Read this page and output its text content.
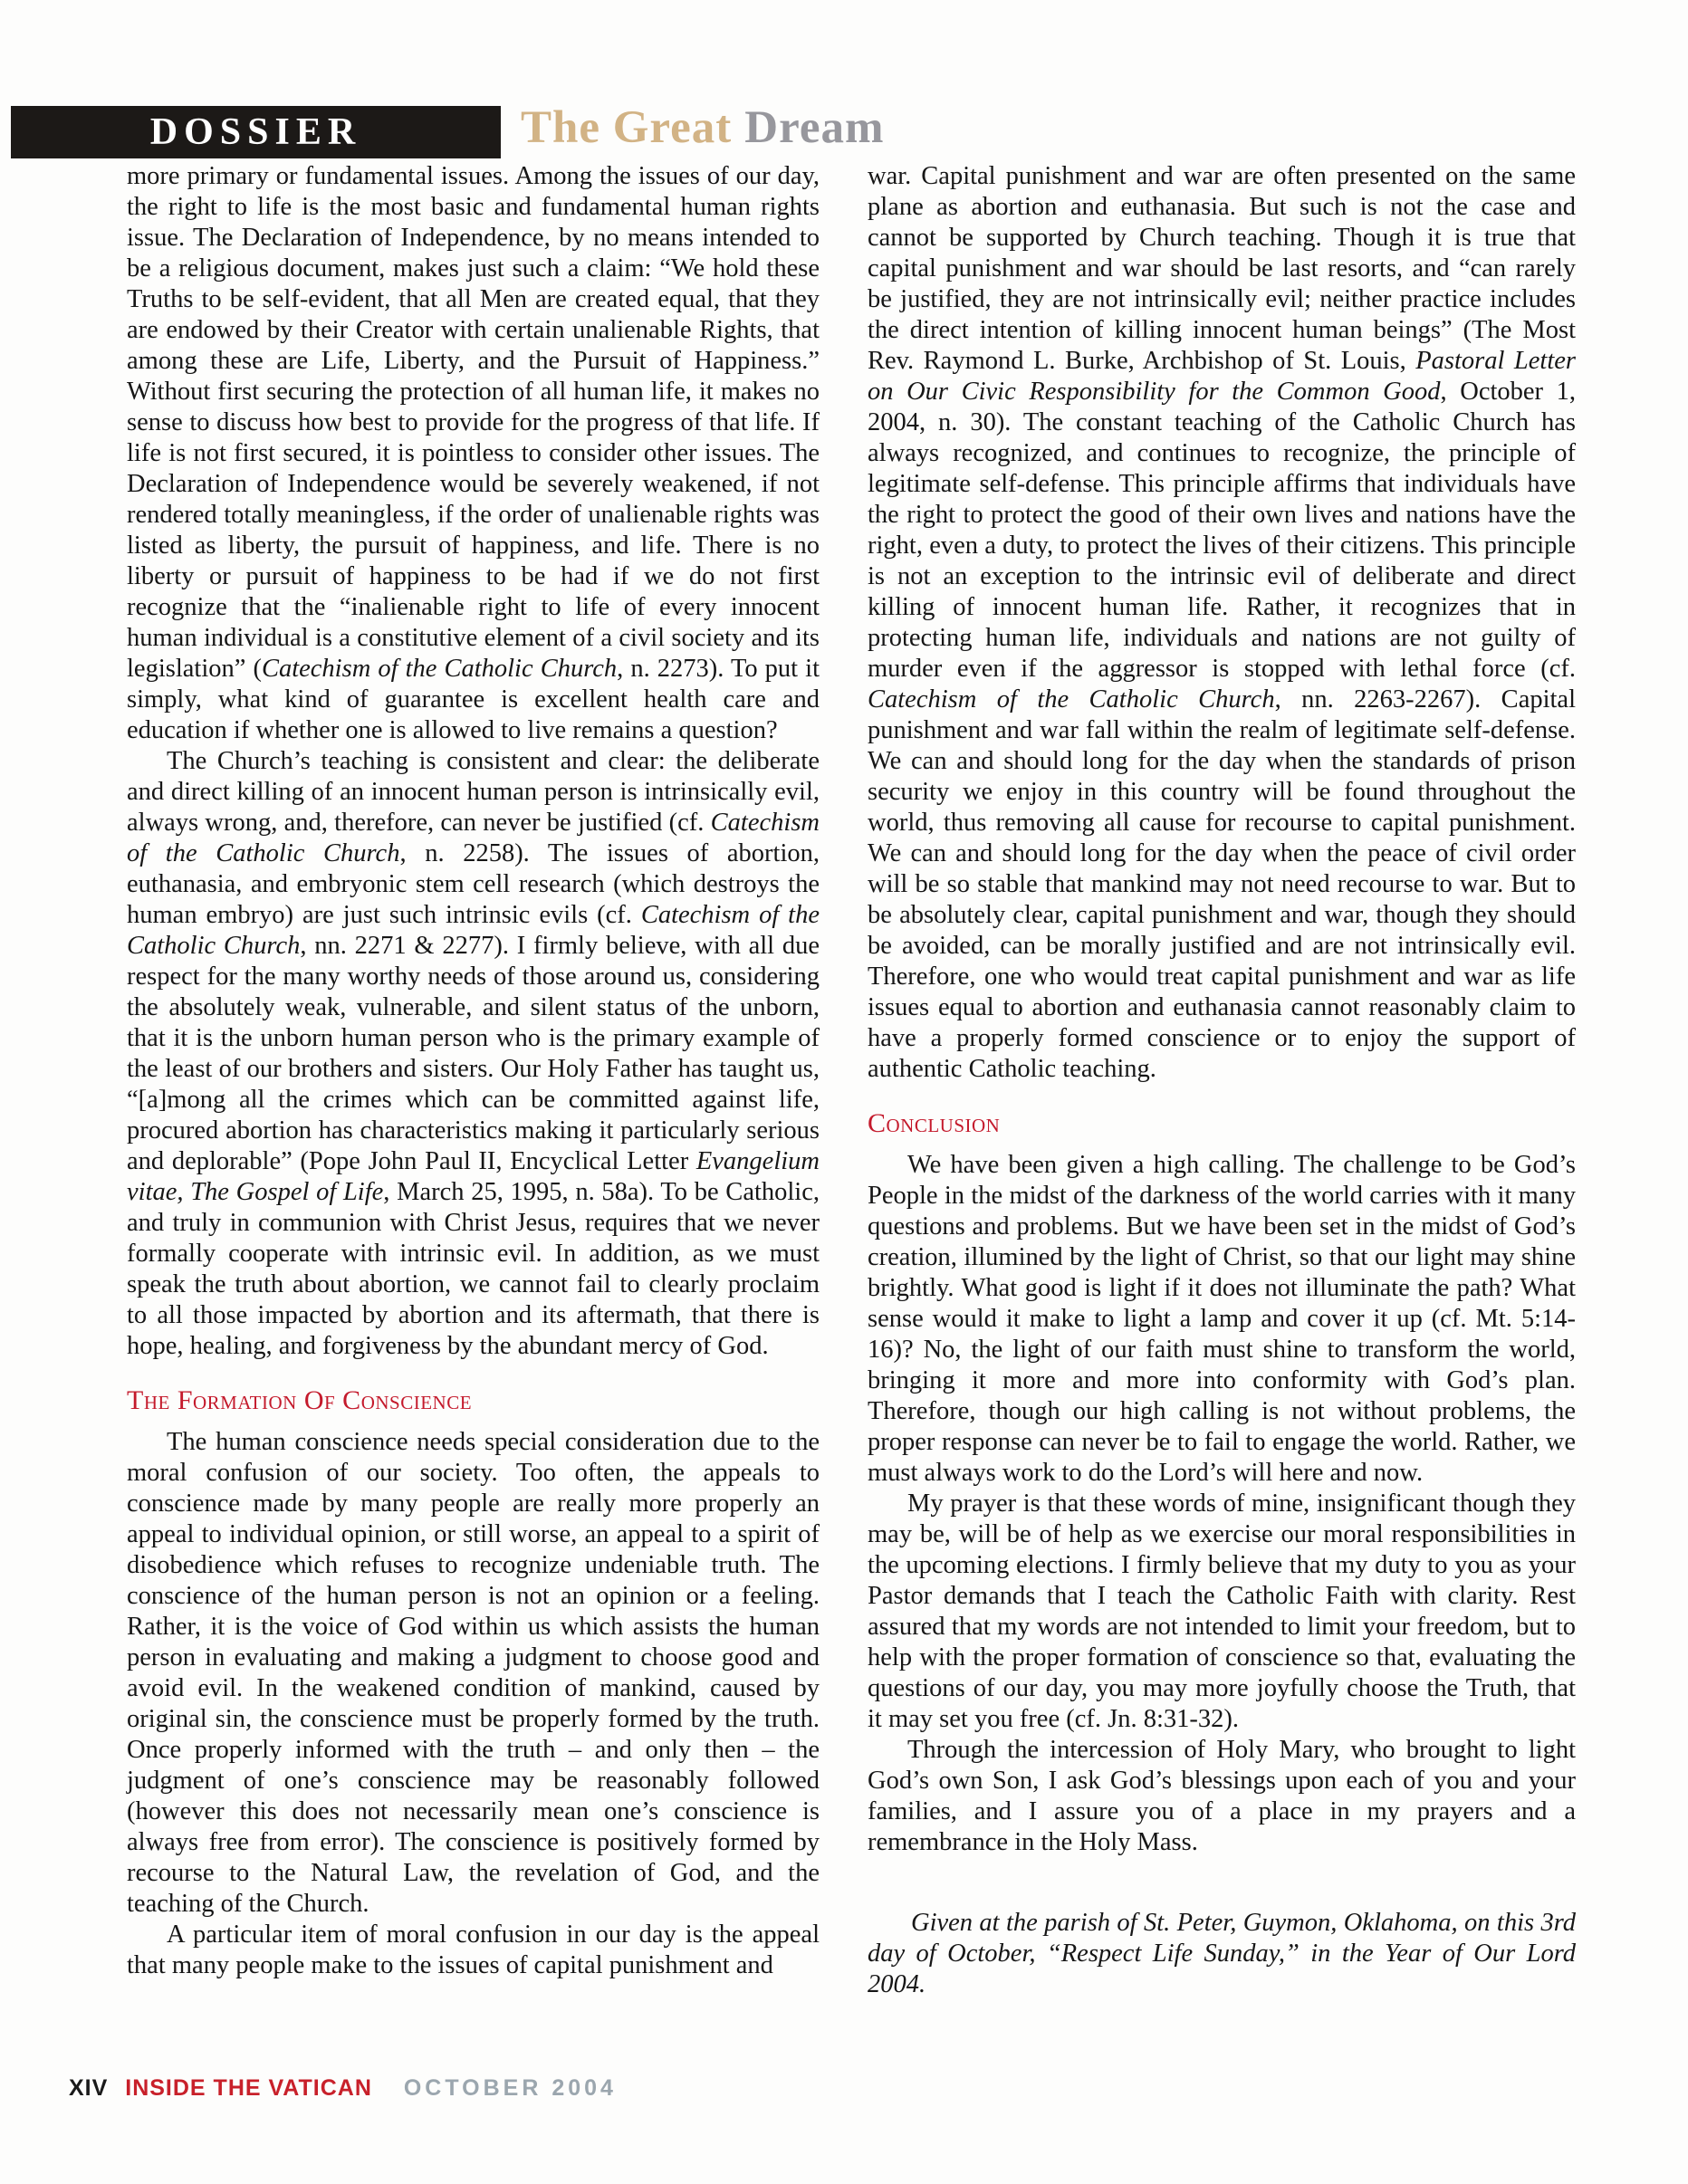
DOSSIER	The Great Dream

more primary or fundamental issues. Among the issues of our day, the right to life is the most basic and fundamental human rights issue. The Declaration of Independence, by no means intended to be a religious document, makes just such a claim: “We hold these Truths to be self-evident, that all Men are created equal, that they are endowed by their Creator with certain unalienable Rights, that among these are Life, Liberty, and the Pursuit of Happiness.” Without first securing the protection of all human life, it makes no sense to discuss how best to provide for the progress of that life. If life is not first secured, it is pointless to consider other issues. The Declaration of Independence would be severely weakened, if not rendered totally meaningless, if the order of unalienable rights was listed as liberty, the pursuit of happiness, and life. There is no liberty or pursuit of happiness to be had if we do not first recognize that the “inalienable right to life of every innocent human individual is a constitutive element of a civil society and its legislation” (Catechism of the Catholic Church, n. 2273). To put it simply, what kind of guarantee is excellent health care and education if whether one is allowed to live remains a question?

The Church’s teaching is consistent and clear: the deliberate and direct killing of an innocent human person is intrinsically evil, always wrong, and, therefore, can never be justified (cf. Catechism of the Catholic Church, n. 2258). The issues of abortion, euthanasia, and embryonic stem cell research (which destroys the human embryo) are just such intrinsic evils (cf. Catechism of the Catholic Church, nn. 2271 & 2277). I firmly believe, with all due respect for the many worthy needs of those around us, considering the absolutely weak, vulnerable, and silent status of the unborn, that it is the unborn human person who is the primary example of the least of our brothers and sisters. Our Holy Father has taught us, “[a]mong all the crimes which can be committed against life, procured abortion has characteristics making it particularly serious and deplorable” (Pope John Paul II, Encyclical Letter Evangelium vitae, The Gospel of Life, March 25, 1995, n. 58a). To be Catholic, and truly in communion with Christ Jesus, requires that we never formally cooperate with intrinsic evil. In addition, as we must speak the truth about abortion, we cannot fail to clearly proclaim to all those impacted by abortion and its aftermath, that there is hope, healing, and forgiveness by the abundant mercy of God.

The Formation Of Conscience

The human conscience needs special consideration due to the moral confusion of our society. Too often, the appeals to conscience made by many people are really more properly an appeal to individual opinion, or still worse, an appeal to a spirit of disobedience which refuses to recognize undeniable truth. The conscience of the human person is not an opinion or a feeling. Rather, it is the voice of God within us which assists the human person in evaluating and making a judgment to choose good and avoid evil. In the weakened condition of mankind, caused by original sin, the conscience must be properly formed by the truth. Once properly informed with the truth – and only then – the judgment of one’s conscience may be reasonably followed (however this does not necessarily mean one’s conscience is always free from error). The conscience is positively formed by recourse to the Natural Law, the revelation of God, and the teaching of the Church.

A particular item of moral confusion in our day is the appeal that many people make to the issues of capital punishment and

war. Capital punishment and war are often presented on the same plane as abortion and euthanasia. But such is not the case and cannot be supported by Church teaching. Though it is true that capital punishment and war should be last resorts, and “can rarely be justified, they are not intrinsically evil; neither practice includes the direct intention of killing innocent human beings” (The Most Rev. Raymond L. Burke, Archbishop of St. Louis, Pastoral Letter on Our Civic Responsibility for the Common Good, October 1, 2004, n. 30). The constant teaching of the Catholic Church has always recognized, and continues to recognize, the principle of legitimate self-defense. This principle affirms that individuals have the right to protect the good of their own lives and nations have the right, even a duty, to protect the lives of their citizens. This principle is not an exception to the intrinsic evil of deliberate and direct killing of innocent human life. Rather, it recognizes that in protecting human life, individuals and nations are not guilty of murder even if the aggressor is stopped with lethal force (cf. Catechism of the Catholic Church, nn. 2263-2267). Capital punishment and war fall within the realm of legitimate self-defense. We can and should long for the day when the standards of prison security we enjoy in this country will be found throughout the world, thus removing all cause for recourse to capital punishment. We can and should long for the day when the peace of civil order will be so stable that mankind may not need recourse to war. But to be absolutely clear, capital punishment and war, though they should be avoided, can be morally justified and are not intrinsically evil. Therefore, one who would treat capital punishment and war as life issues equal to abortion and euthanasia cannot reasonably claim to have a properly formed conscience or to enjoy the support of authentic Catholic teaching.

Conclusion

We have been given a high calling. The challenge to be God’s People in the midst of the darkness of the world carries with it many questions and problems. But we have been set in the midst of God’s creation, illumined by the light of Christ, so that our light may shine brightly. What good is light if it does not illuminate the path? What sense would it make to light a lamp and cover it up (cf. Mt. 5:14-16)? No, the light of our faith must shine to transform the world, bringing it more and more into conformity with God’s plan. Therefore, though our high calling is not without problems, the proper response can never be to fail to engage the world. Rather, we must always work to do the Lord’s will here and now.

My prayer is that these words of mine, insignificant though they may be, will be of help as we exercise our moral responsibilities in the upcoming elections. I firmly believe that my duty to you as your Pastor demands that I teach the Catholic Faith with clarity. Rest assured that my words are not intended to limit your freedom, but to help with the proper formation of conscience so that, evaluating the questions of our day, you may more joyfully choose the Truth, that it may set you free (cf. Jn. 8:31-32).

Through the intercession of Holy Mary, who brought to light God’s own Son, I ask God’s blessings upon each of you and your families, and I assure you of a place in my prayers and a remembrance in the Holy Mass.

Given at the parish of St. Peter, Guymon, Oklahoma, on this 3rd day of October, “Respect Life Sunday,” in the Year of Our Lord 2004.

XIV INSIDE THE VATICAN OCTOBER 2004
